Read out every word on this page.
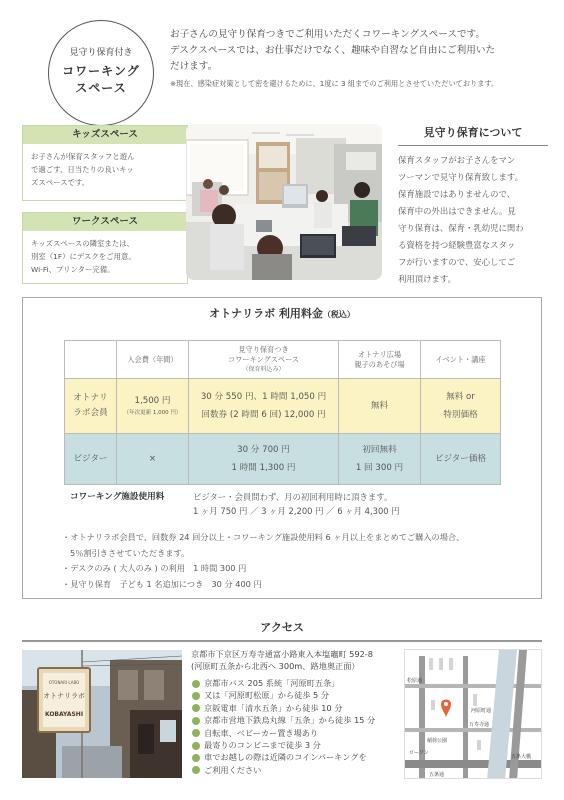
見守り保育付き
コワーキング
スペース
お子さんの見守り保育つきでご利用いただくコワーキングスペースです。
デスクスペースでは、お仕事だけでなく、趣味や自習など自由にご利用いた
だけます。
※現在、感染症対策として密を避けるために、1度に 3 組までのご利用とさせていただいております。
キッズスペース
お子さんが保育スタッフと遊ん
で過ごす、日当たりの良いキッ
ズスペースです。
ワークスペース
キッズスペースの隣室または、
別室（1F）にデスクをご用意。
Wi-Fi、プリンター完備。
見守り保育について
保育スタッフがお子さんをマン
ツーマンで見守り保育致します。
保育施設ではありませんので、
保育中の外出はできません。見
守り保育は、保育・乳幼児に関わ
る資格を持つ経験豊富なスタッ
フが行いますので、安心してご
利用頂けます。
オトナリラボ 利用料金（税込）
	入会費（年間）	見守り保育つき
コワーキングスペース
（保育料込み）	オトナリ広場
親子のあそび場	イベント・講座

オトナリ
ラボ会員	1,500 円
（年次更新 1,000 円）	30 分 550 円、1 時間 1,050 円
回数券 (2 時間 6 回) 12,000 円	無料	無料 or
特別価格

ビジター	×	30 分 700 円
1 時間 1,300 円	初回無料
1 回 300 円	ビジター価格
コワーキング施設使用料	ビジター・会員問わず、月の初回利用時に頂きます。
1 ヶ月 750 円 ／ 3 ヶ月 2,200 円 ／ 6 ヶ月 4,300 円
・オトナリラボ会員で、回数券 24 回分以上・コワーキング施設使用料 6 ヶ月以上をまとめてご購入の場合、
5％割引きさせていただきます。
・デスクのみ ( 大人のみ ) の利用　1 時間 300 円
・見守り保育　子ども 1 名追加につき　30 分 400 円
アクセス
OTONARI LABO
オトナリラボ
KOBAYASHI
京都市下京区万寿寺通富小路東入本塩竈町 592-8
(河原町五条から北西へ 300m、路地奥正面）
京都市バス 205 系統「河原町五条」
又は「河原町松原」から徒歩 5 分
京阪電車「清水五条」から徒歩 10 分
京都市営地下鉄烏丸線「五条」から徒歩 15 分
自転車、ベビーカー置き場あり
最寄りのコンビニまで徒歩 3 分
車でお越しの際は近隣のコインパーキングを
ご利用ください
松原通
万寿寺通
五条通
五条大橋
河原町通
ローソン
稲荷公園
